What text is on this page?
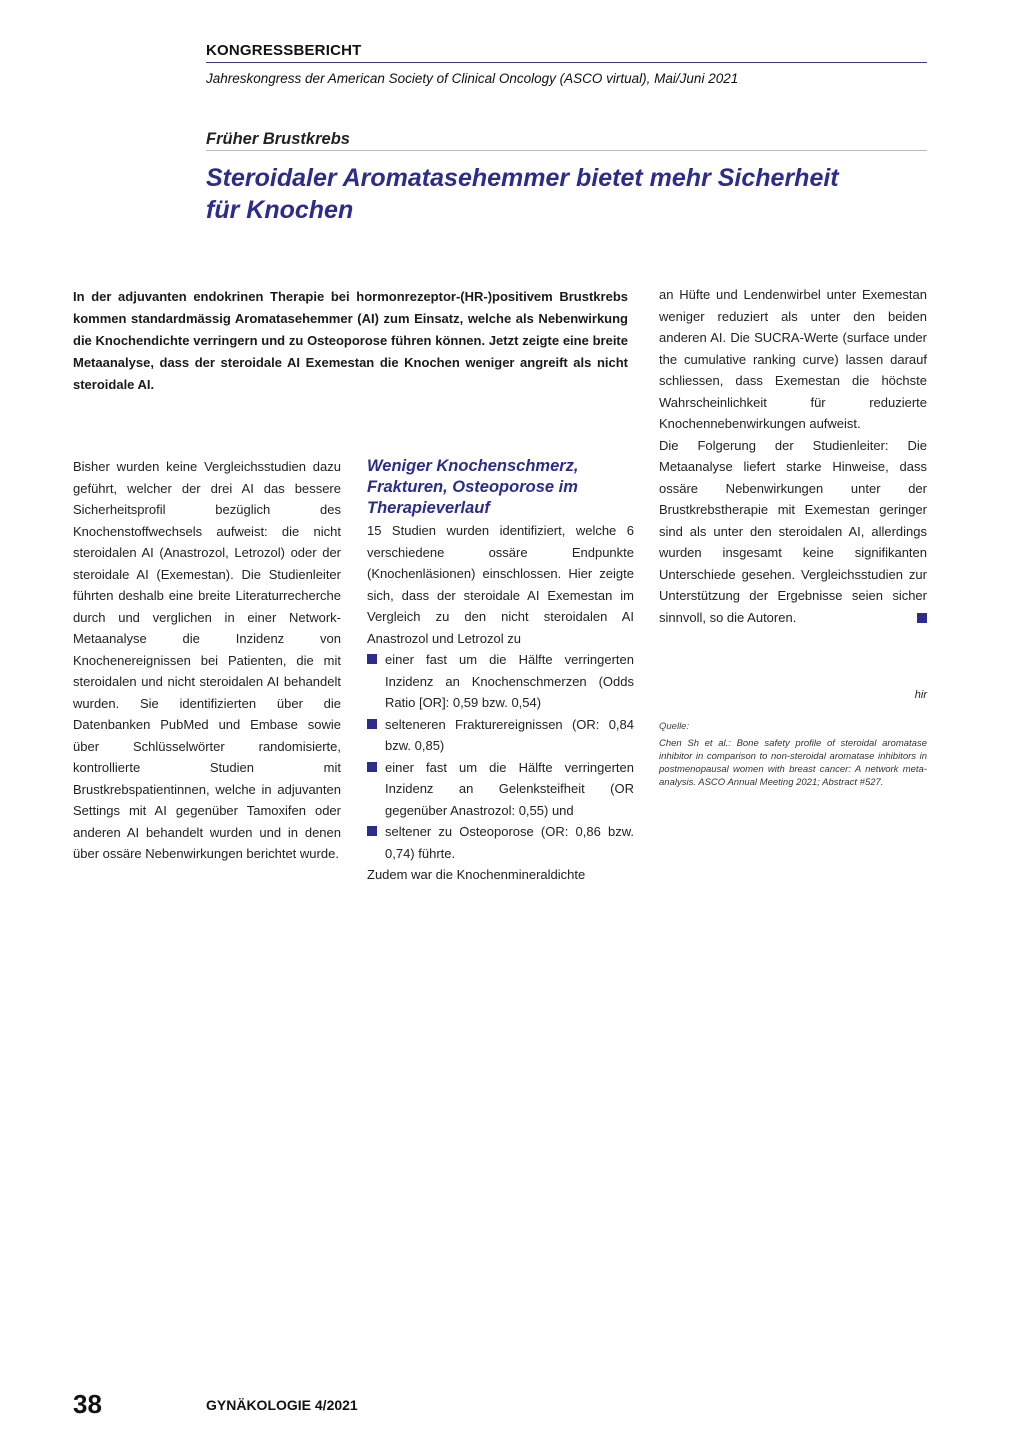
KONGRESSBERICHT
Jahreskongress der American Society of Clinical Oncology (ASCO virtual), Mai/Juni 2021
Früher Brustkrebs
Steroidaler Aromatasehemmer bietet mehr Sicherheit
für Knochen
In der adjuvanten endokrinen Therapie bei hormonrezeptor-(HR-)positivem Brustkrebs kommen standardmässig Aromatasehemmer (AI) zum Einsatz, welche als Nebenwirkung die Knochendichte verringern und zu Osteoporose führen können. Jetzt zeigte eine breite Metaanalyse, dass der steroidale AI Exemestan die Knochen weniger angreift als nicht steroidale AI.

Bisher wurden keine Vergleichsstudien dazu geführt, welcher der drei AI das bessere Sicherheitsprofil bezüglich des Knochenstoffwechsels aufweist: die nicht steroidalen AI (Anastrozol, Letrozol) oder der steroidale AI (Exemestan). Die Studienleiter führten deshalb eine breite Literaturrecherche durch und verglichen in einer Network-Metaanalyse die Inzidenz von Knochenereignissen bei Patienten, die mit steroidalen und nicht steroidalen AI behandelt wurden. Sie identifizierten über die Datenbanken PubMed und Embase sowie über Schlüsselwörter randomisierte, kontrollierte Studien mit Brustkrebspatientinnen, welche in adjuvanten Settings mit AI gegenüber Tamoxifen oder anderen AI behandelt wurden und in denen über ossäre Nebenwirkungen berichtet wurde.

Weniger Knochenschmerz, Frakturen, Osteoporose im Therapieverlauf

15 Studien wurden identifiziert, welche 6 verschiedene ossäre Endpunkte (Knochenläsionen) einschlossen. Hier zeigte sich, dass der steroidale AI Exemestan im Vergleich zu den nicht steroidalen AI Anastrozol und Letrozol zu

einer fast um die Hälfte verringerten Inzidenz an Knochenschmerzen (Odds Ratio [OR]: 0,59 bzw. 0,54)
selteneren Frakturereignissen (OR: 0,84 bzw. 0,85)
einer fast um die Hälfte verringerten Inzidenz an Gelenksteifheit (OR gegenüber Anastrozol: 0,55) und
seltener zu Osteoporose (OR: 0,86 bzw. 0,74) führte.

Zudem war die Knochenmineraldichte

an Hüfte und Lendenwirbel unter Exemestan weniger reduziert als unter den beiden anderen AI. Die SUCRA-Werte (surface under the cumulative ranking curve) lassen darauf schliessen, dass Exemestan die höchste Wahrscheinlichkeit für reduzierte Knochennebenwirkungen aufweist.

Die Folgerung der Studienleiter: Die Metaanalyse liefert starke Hinweise, dass ossäre Nebenwirkungen unter der Brustkrebstherapie mit Exemestan geringer sind als unter den steroidalen AI, allerdings wurden insgesamt keine signifikanten Unterschiede gesehen. Vergleichsstudien zur Unterstützung der Ergebnisse seien sicher sinnvoll, so die Autoren.

hir
Quelle:
Chen Sh et al.: Bone safety profile of steroidal aromatase inhibitor in comparison to non-steroidal aromatase inhibitors in postmenopausal women with breast cancer: A network meta-analysis. ASCO Annual Meeting 2021; Abstract #527.
38	GYNÄKOLOGIE 4/2021
